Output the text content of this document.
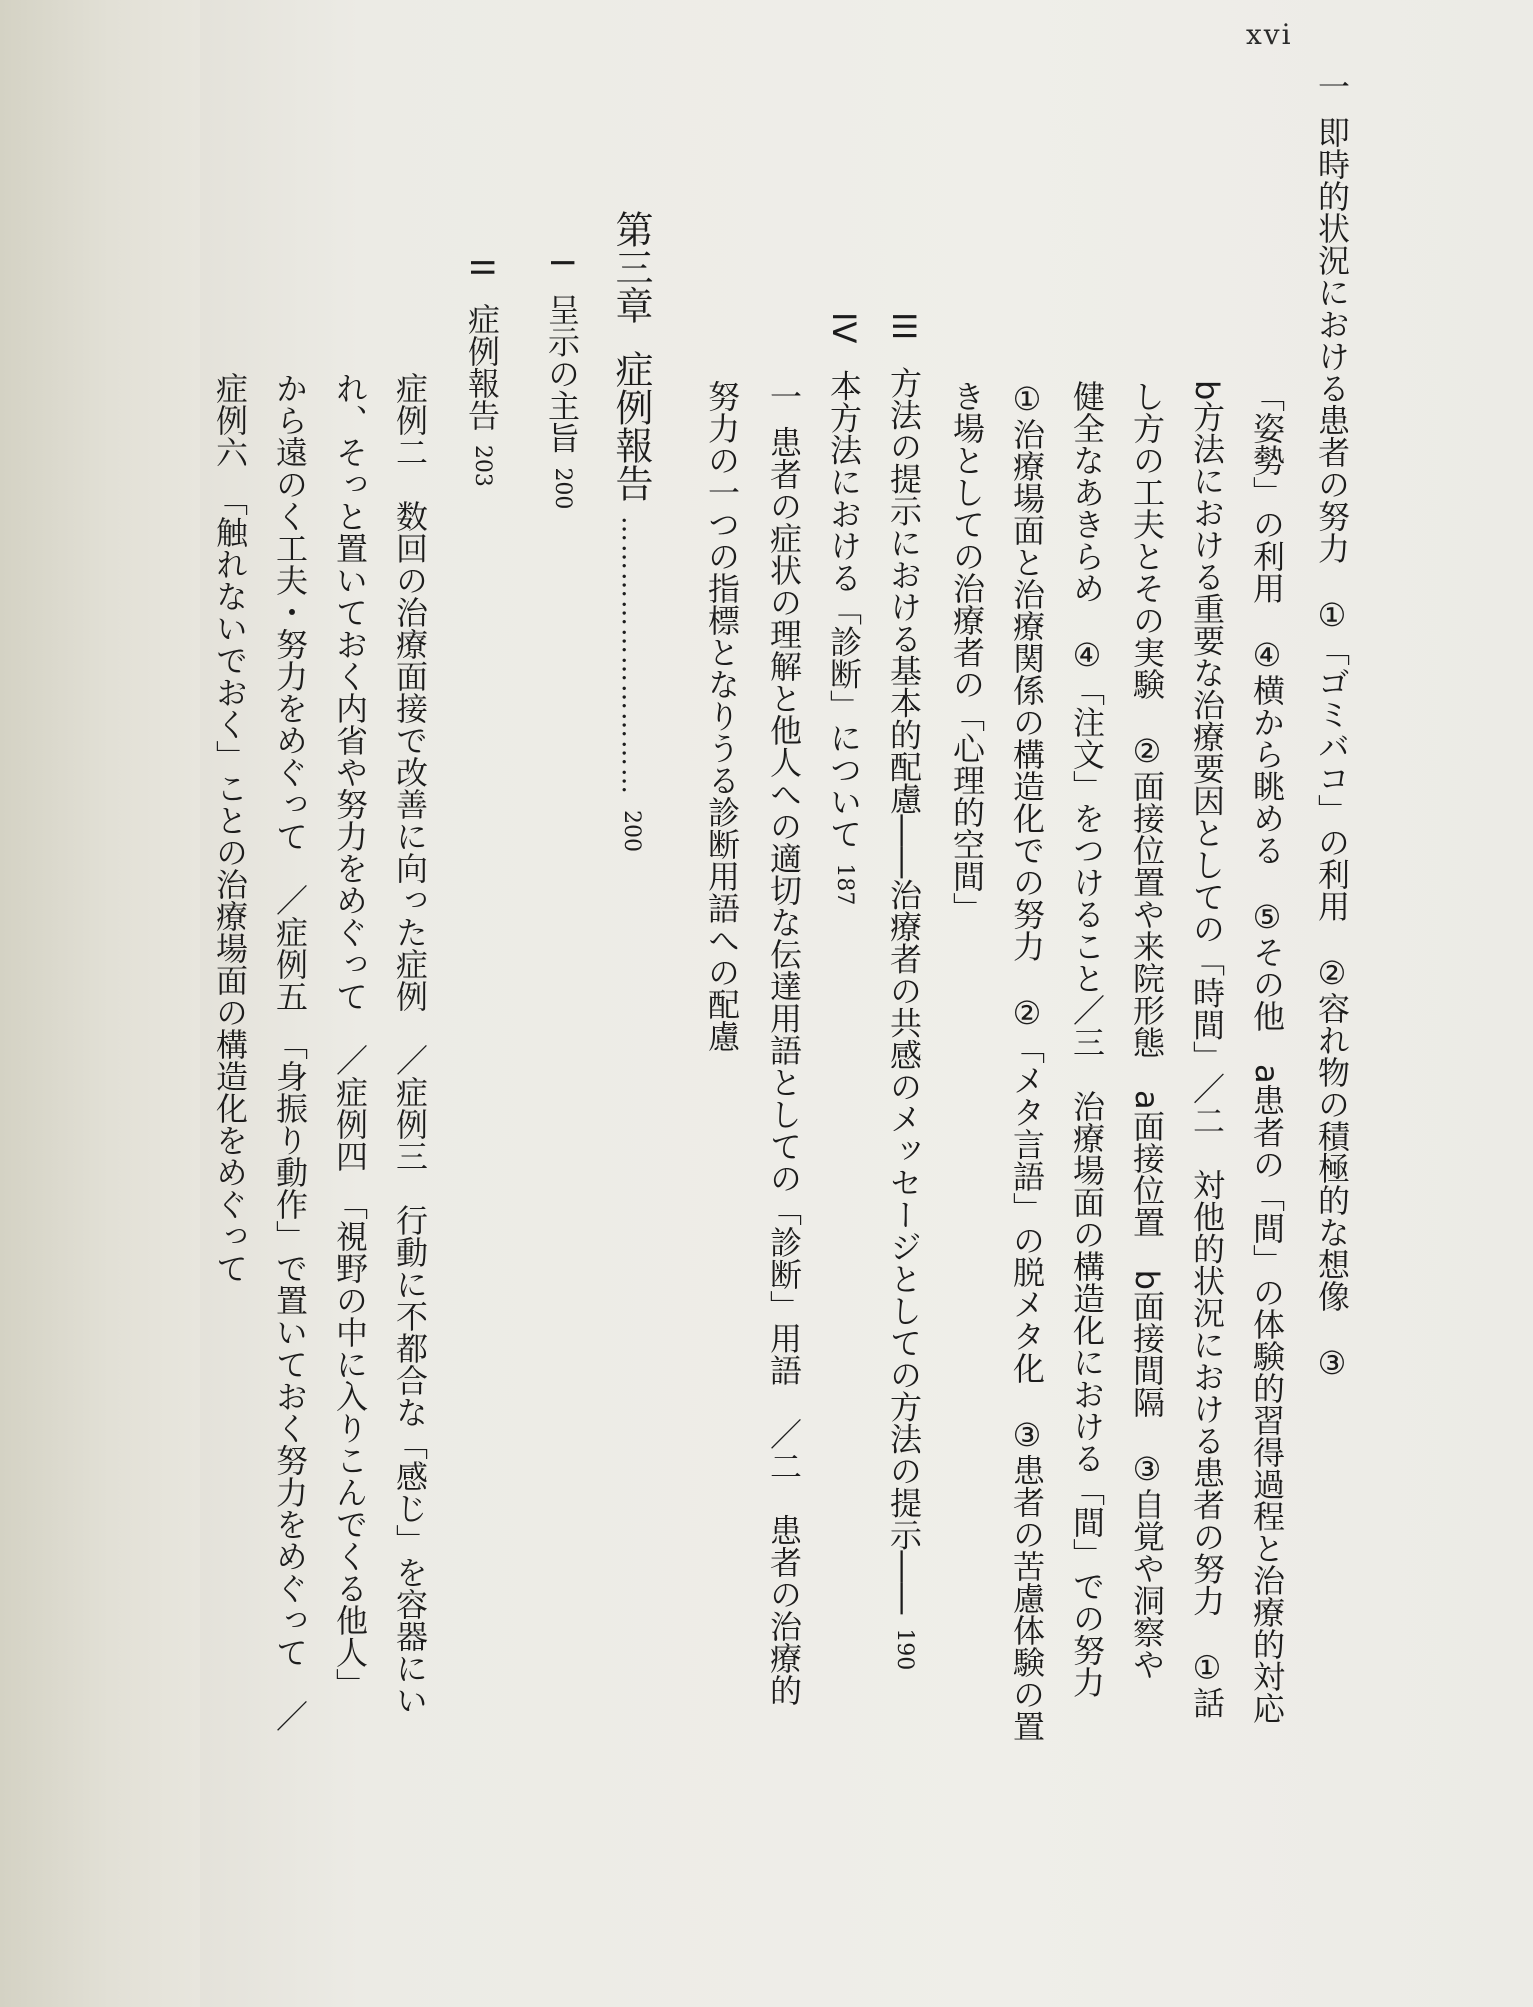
xvi
一即時的状況における患者の努力　①「ゴミバコ」の利用　②容れ物の積極的な想像　③
「姿勢」の利用　④横から眺める　⑤その他　a患者の「間」の体験的習得過程と治療的対応
b方法における重要な治療要因としての「時間」／二　対他的状況における患者の努力　①話
し方の工夫とその実験　②面接位置や来院形態　a面接位置　b面接間隔　③自覚や洞察や
健全なあきらめ　④「注文」をつけること／三　治療場面の構造化における「間」での努力
①治療場面と治療関係の構造化での努力　②「メタ言語」の脱メタ化　③患者の苦慮体験の置
き場としての治療者の「心理的空間」
III方法の提示における基本的配慮――治療者の共感のメッセージとしての方法の提示――190
IV本方法における「診断」について187
一患者の症状の理解と他人への適切な伝達用語としての「診断」用語　／二　患者の治療的
努力の一つの指標となりうる診断用語への配慮
第三章症例報告…………………………200
I呈示の主旨200
II症例報告203
症例二　数回の治療面接で改善に向った症例　／症例三　行動に不都合な「感じ」を容器にい
れ、そっと置いておく内省や努力をめぐって　／症例四　「視野の中に入りこんでくる他人」
から遠のく工夫・努力をめぐって　／症例五　「身振り動作」で置いておく努力をめぐって　／
症例六　「触れないでおく」ことの治療場面の構造化をめぐって
